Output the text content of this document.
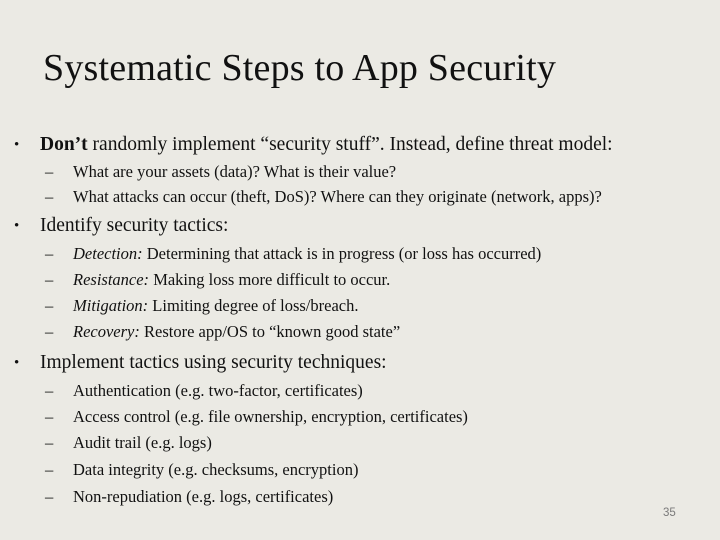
Systematic Steps to App Security
•	Don’t randomly implement “security stuff”. Instead, define threat model:
– What are your assets (data)? What is their value?
– What attacks can occur (theft, DoS)? Where can they originate (network, apps)?
•	Identify security tactics:
– Detection: Determining that attack is in progress (or loss has occurred)
– Resistance: Making loss more difficult to occur.
– Mitigation: Limiting degree of loss/breach.
– Recovery: Restore app/OS to “known good state”
•	Implement tactics using security techniques:
– Authentication (e.g. two-factor, certificates)
– Access control (e.g. file ownership, encryption, certificates)
– Audit trail (e.g. logs)
– Data integrity (e.g. checksums, encryption)
– Non-repudiation (e.g. logs, certificates)
35
